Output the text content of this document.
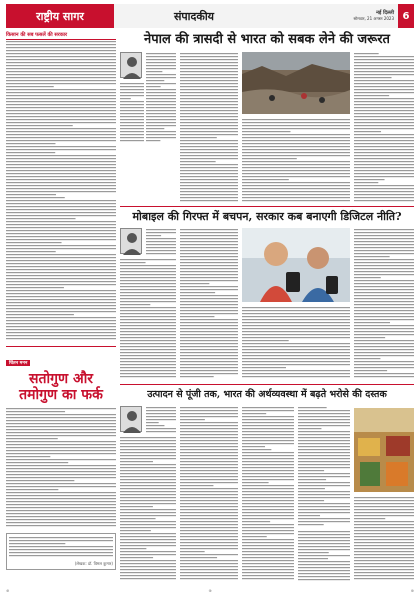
राष्ट्रीय सागर	संपादकीय	नई दिल्ली
सोमवार, 21 अगस्त 2023 6
किसान की सब फसलें की सरकार
चिंतन मनन
सतोगुण और
तमोगुण का फर्क
(लेखक: डॉ. विमल कुमार)
नेपाल की त्रासदी से भारत को सबक लेने की जरूरत
मोबाइल की गिरफ्त में बचपन, सरकार कब बनाएगी डिजिटल नीति?
उत्पादन से पूंजी तक, भारत की अर्थव्यवस्था में बढ़ते भरोसे की दस्तक
⊕	⊕	⊕
